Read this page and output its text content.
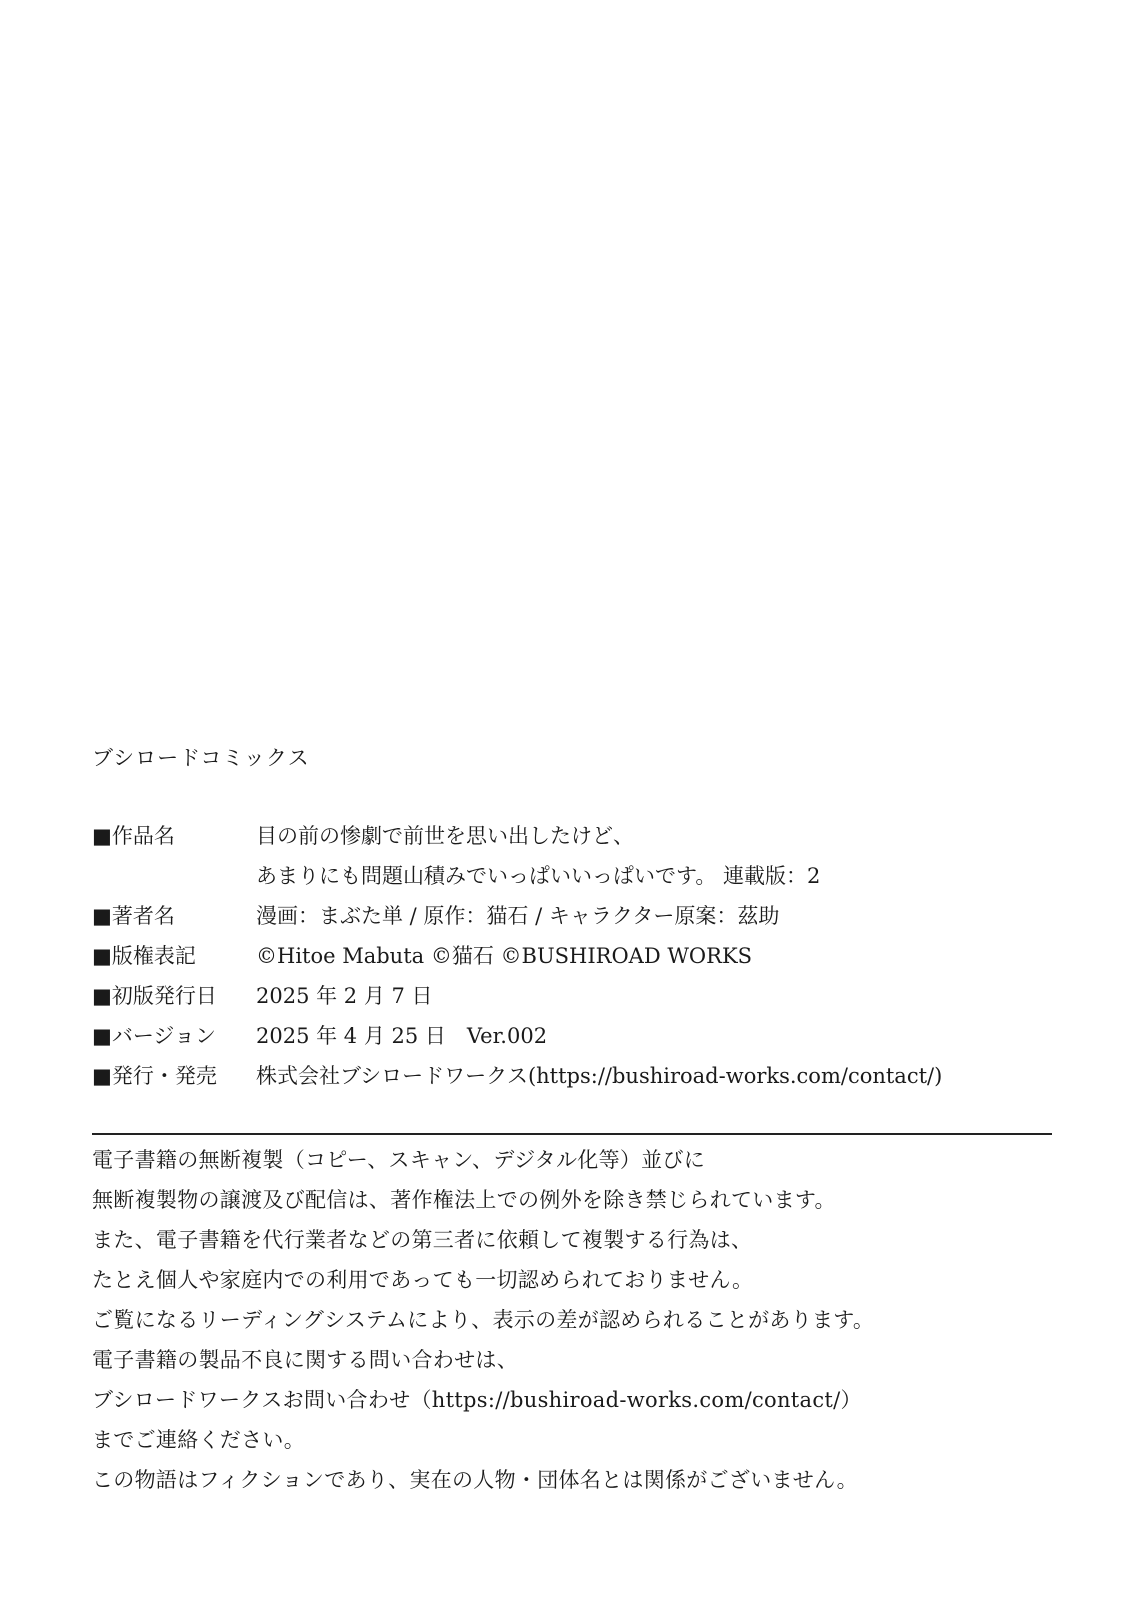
ブシロードコミックス
■作品名	目の前の惨劇で前世を思い出したけど、
あまりにも問題山積みでいっぱいいっぱいです。 連載版：2
■著者名	漫画：まぶた単 / 原作：猫石 / キャラクター原案：茲助
■版権表記	©Hitoe Mabuta ©猫石 ©BUSHIROAD WORKS
■初版発行日	2025 年 2 月 7 日
■バージョン	2025 年 4 月 25 日　Ver.002
■発行・発売	株式会社ブシロードワークス(https://bushiroad-works.com/contact/)
電子書籍の無断複製（コピー、スキャン、デジタル化等）並びに
無断複製物の譲渡及び配信は、著作権法上での例外を除き禁じられています。
また、電子書籍を代行業者などの第三者に依頼して複製する行為は、
たとえ個人や家庭内での利用であっても一切認められておりません。
ご覧になるリーディングシステムにより、表示の差が認められることがあります。
電子書籍の製品不良に関する問い合わせは、
ブシロードワークスお問い合わせ（https://bushiroad-works.com/contact/）
までご連絡ください。
この物語はフィクションであり、実在の人物・団体名とは関係がございません。
